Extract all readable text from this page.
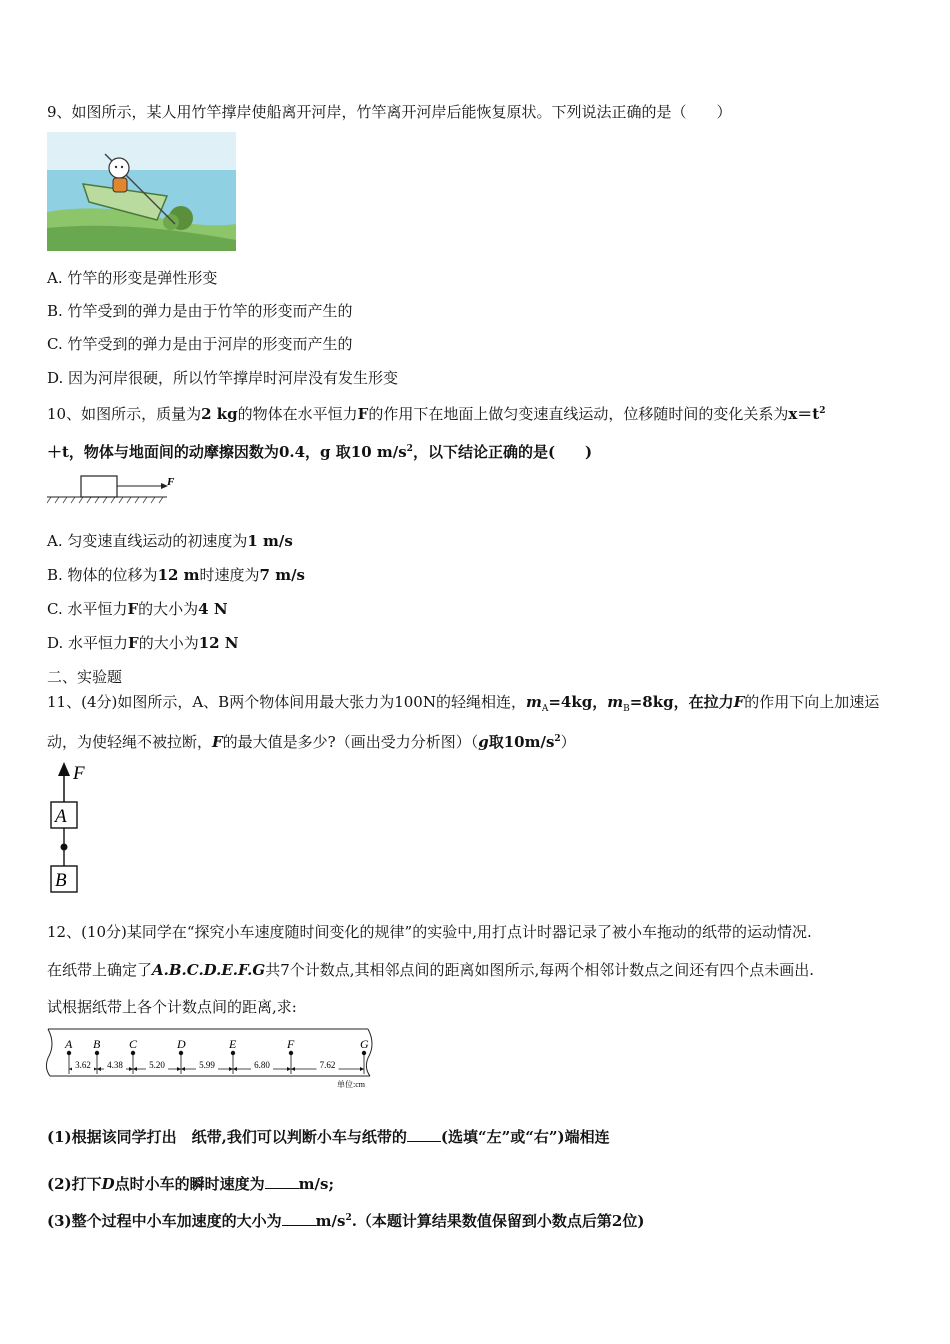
9、如图所示，某人用竹竿撑岸使船离开河岸，竹竿离开河岸后能恢复原状。下列说法正确的是（　　）
A. 竹竿的形变是弹性形变
B. 竹竿受到的弹力是由于竹竿的形变而产生的
C. 竹竿受到的弹力是由于河岸的形变而产生的
D. 因为河岸很硬，所以竹竿撑岸时河岸没有发生形变
10、如图所示，质量为2 kg的物体在水平恒力F的作用下在地面上做匀变速直线运动，位移随时间的变化关系为$x=t^2$
＋t，物体与地面间的动摩擦因数为0.4，g 取10 $m/s^2$，以下结论正确的是(　　)
F
A. 匀变速直线运动的初速度为1 m/s
B. 物体的位移为12 m时速度为7 m/s
C. 水平恒力F的大小为4 N
D. 水平恒力F的大小为12 N
二、实验题
11、(4分)如图所示，A、B两个物体间用最大张力为100N的轻绳相连，$m_A=4kg$，$m_B=8kg$，在拉力F的作用下向上加速运
动，为使轻绳不被拉断，F的最大值是多少?（画出受力分析图）（g取$10m/s^2$）
F
A
B
12、(10分)某同学在“探究小车速度随时间变化的规律”的实验中,用打点计时器记录了被小车拖动的纸带的运动情况.
在纸带上确定了A.B.C.D.E.F.G共7个计数点,其相邻点间的距离如图所示,每两个相邻计数点之间还有四个点未画出.
试根据纸带上各个计数点间的距离,求:
A B C	D	E	F	G
3.62 4.38	5.20	5.99	6.80	7.62
单位:cm
(1)根据该同学打出　纸带,我们可以判断小车与纸带的 (选填“左”或“右”)端相连
(2)打下D点时小车的瞬时速度为 m/s;
(3)整个过程中小车加速度的大小为 $m/s^2$.（本题计算结果数值保留到小数点后第2位)
